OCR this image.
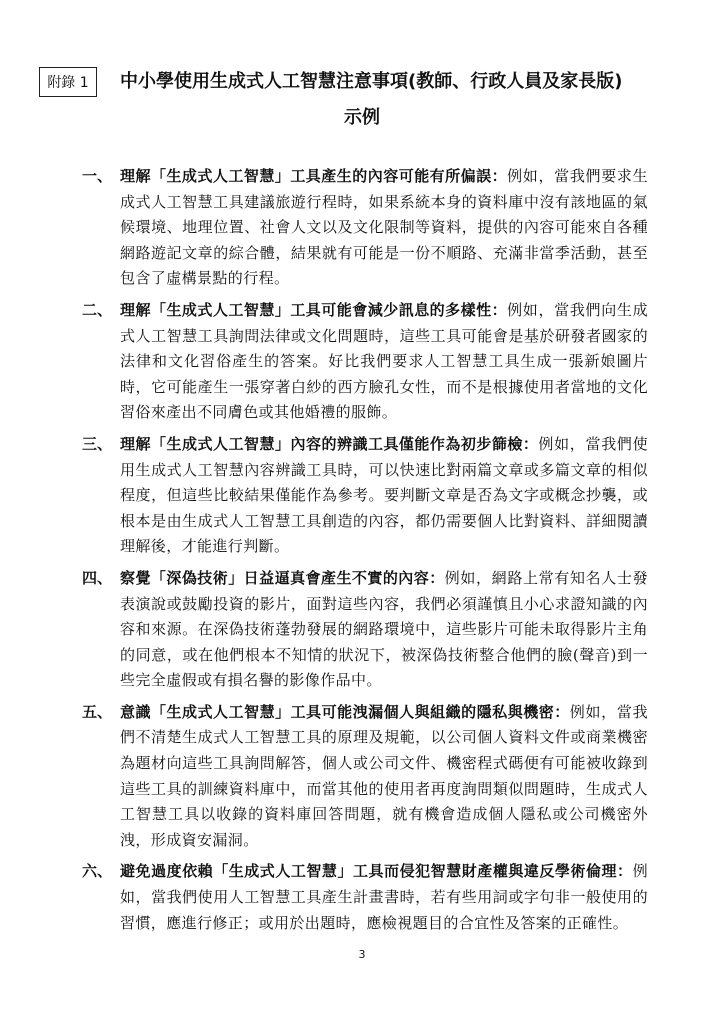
附錄 1	中小學使用生成式人工智慧注意事項(教師、行政人員及家長版)
示例
一、 理解「生成式人工智慧」工具產生的內容可能有所偏誤：例如，當我們要求生成式人工智慧工具建議旅遊行程時，如果系統本身的資料庫中沒有該地區的氣候環境、地理位置、社會人文以及文化限制等資料，提供的內容可能來自各種網路遊記文章的綜合體，結果就有可能是一份不順路、充滿非當季活動，甚至包含了虛構景點的行程。
二、 理解「生成式人工智慧」工具可能會減少訊息的多樣性：例如，當我們向生成式人工智慧工具詢問法律或文化問題時，這些工具可能會是基於研發者國家的法律和文化習俗產生的答案。好比我們要求人工智慧工具生成一張新娘圖片時，它可能產生一張穿著白紗的西方臉孔女性，而不是根據使用者當地的文化習俗來產出不同膚色或其他婚禮的服飾。
三、 理解「生成式人工智慧」內容的辨識工具僅能作為初步篩檢：例如，當我們使用生成式人工智慧內容辨識工具時，可以快速比對兩篇文章或多篇文章的相似程度，但這些比較結果僅能作為參考。要判斷文章是否為文字或概念抄襲，或根本是由生成式人工智慧工具創造的內容，都仍需要個人比對資料、詳細閱讀理解後，才能進行判斷。
四、 察覺「深偽技術」日益逼真會產生不實的內容：例如，網路上常有知名人士發表演說或鼓勵投資的影片，面對這些內容，我們必須謹慎且小心求證知識的內容和來源。在深偽技術蓬勃發展的網路環境中，這些影片可能未取得影片主角的同意，或在他們根本不知情的狀況下，被深偽技術整合他們的臉(聲音)到一些完全虛假或有損名譽的影像作品中。
五、 意識「生成式人工智慧」工具可能洩漏個人與組織的隱私與機密：例如，當我們不清楚生成式人工智慧工具的原理及規範，以公司個人資料文件或商業機密為題材向這些工具詢問解答，個人或公司文件、機密程式碼便有可能被收錄到這些工具的訓練資料庫中，而當其他的使用者再度詢問類似問題時，生成式人工智慧工具以收錄的資料庫回答問題，就有機會造成個人隱私或公司機密外洩，形成資安漏洞。
六、 避免過度依賴「生成式人工智慧」工具而侵犯智慧財產權與違反學術倫理：例如，當我們使用人工智慧工具產生計畫書時，若有些用詞或字句非一般使用的習慣，應進行修正；或用於出題時，應檢視題目的合宜性及答案的正確性。
3
